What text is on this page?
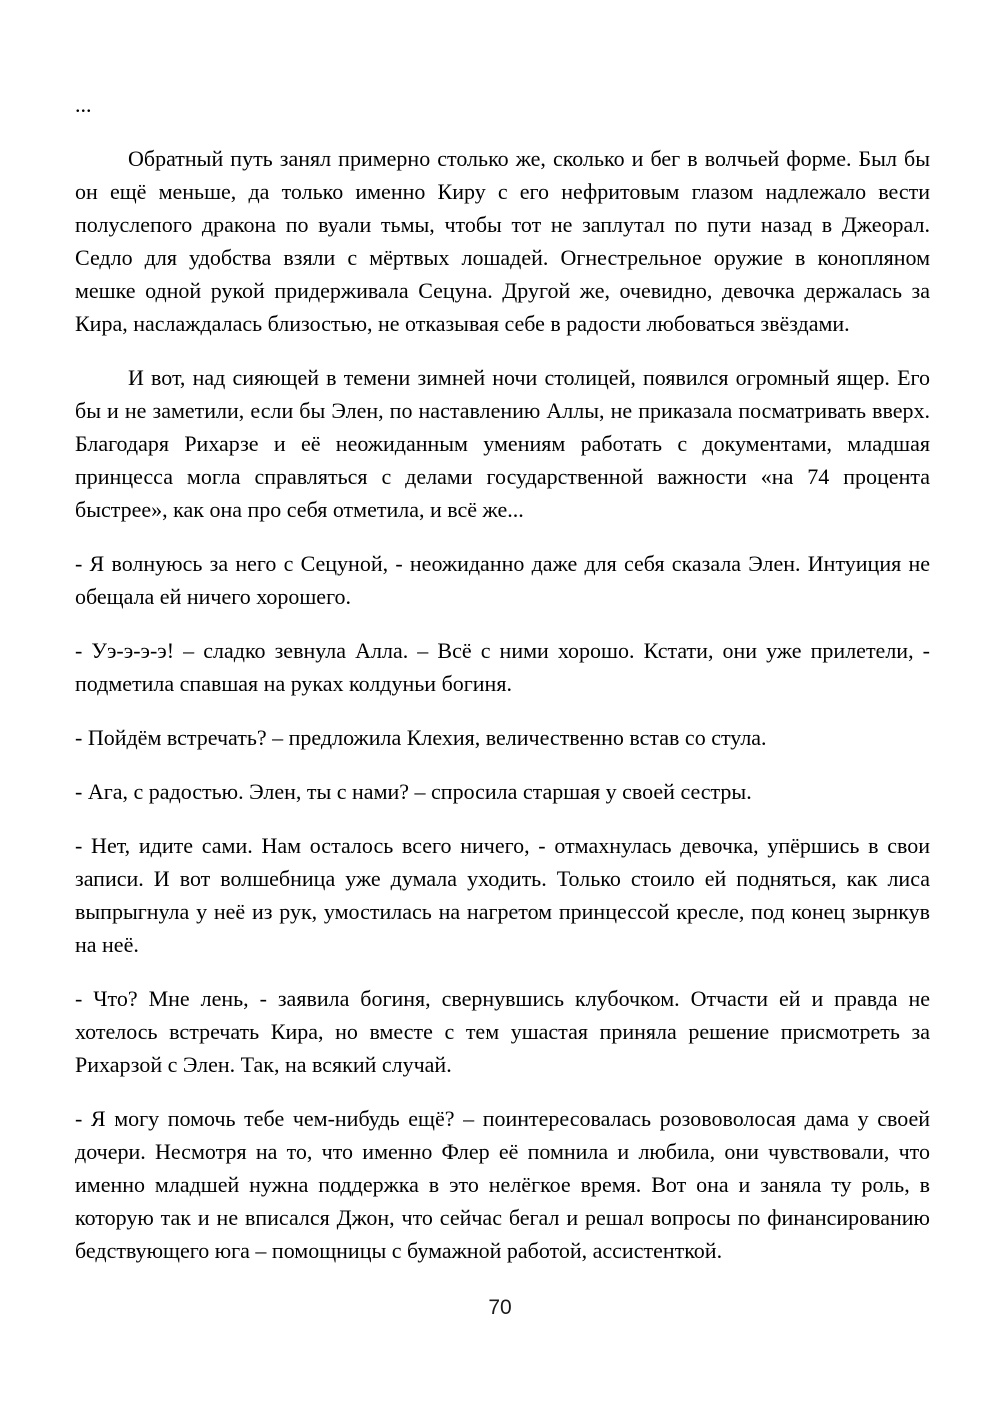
...

Обратный путь занял примерно столько же, сколько и бег в волчьей форме. Был бы он ещё меньше, да только именно Киру с его нефритовым глазом надлежало вести полуслепого дракона по вуали тьмы, чтобы тот не заплутал по пути назад в Джеорал. Седло для удобства взяли с мёртвых лошадей. Огнестрельное оружие в конопляном мешке одной рукой придерживала Сецуна. Другой же, очевидно, девочка держалась за Кира, наслаждалась близостью, не отказывая себе в радости любоваться звёздами.

И вот, над сияющей в темени зимней ночи столицей, появился огромный ящер. Его бы и не заметили, если бы Элен, по наставлению Аллы, не приказала посматривать вверх. Благодаря Рихарзе и её неожиданным умениям работать с документами, младшая принцесса могла справляться с делами государственной важности «на 74 процента быстрее», как она про себя отметила, и всё же...

- Я волнуюсь за него с Сецуной, - неожиданно даже для себя сказала Элен. Интуиция не обещала ей ничего хорошего.

- Уэ-э-э-э! – сладко зевнула Алла. – Всё с ними хорошо. Кстати, они уже прилетели, - подметила спавшая на руках колдуньи богиня.

- Пойдём встречать? – предложила Клехия, величественно встав со стула.

- Ага, с радостью. Элен, ты с нами? – спросила старшая у своей сестры.

- Нет, идите сами. Нам осталось всего ничего, - отмахнулась девочка, упёршись в свои записи. И вот волшебница уже думала уходить. Только стоило ей подняться, как лиса выпрыгнула у неё из рук, умостилась на нагретом принцессой кресле, под конец зырнкув на неё.

- Что? Мне лень, - заявила богиня, свернувшись клубочком. Отчасти ей и правда не хотелось встречать Кира, но вместе с тем ушастая приняла решение присмотреть за Рихарзой с Элен. Так, на всякий случай.

- Я могу помочь тебе чем-нибудь ещё? – поинтересовалась розововолосая дама у своей дочери. Несмотря на то, что именно Флер её помнила и любила, они чувствовали, что именно младшей нужна поддержка в это нелёгкое время. Вот она и заняла ту роль, в которую так и не вписался Джон, что сейчас бегал и решал вопросы по финансированию бедствующего юга – помощницы с бумажной работой, ассистенткой.

70
